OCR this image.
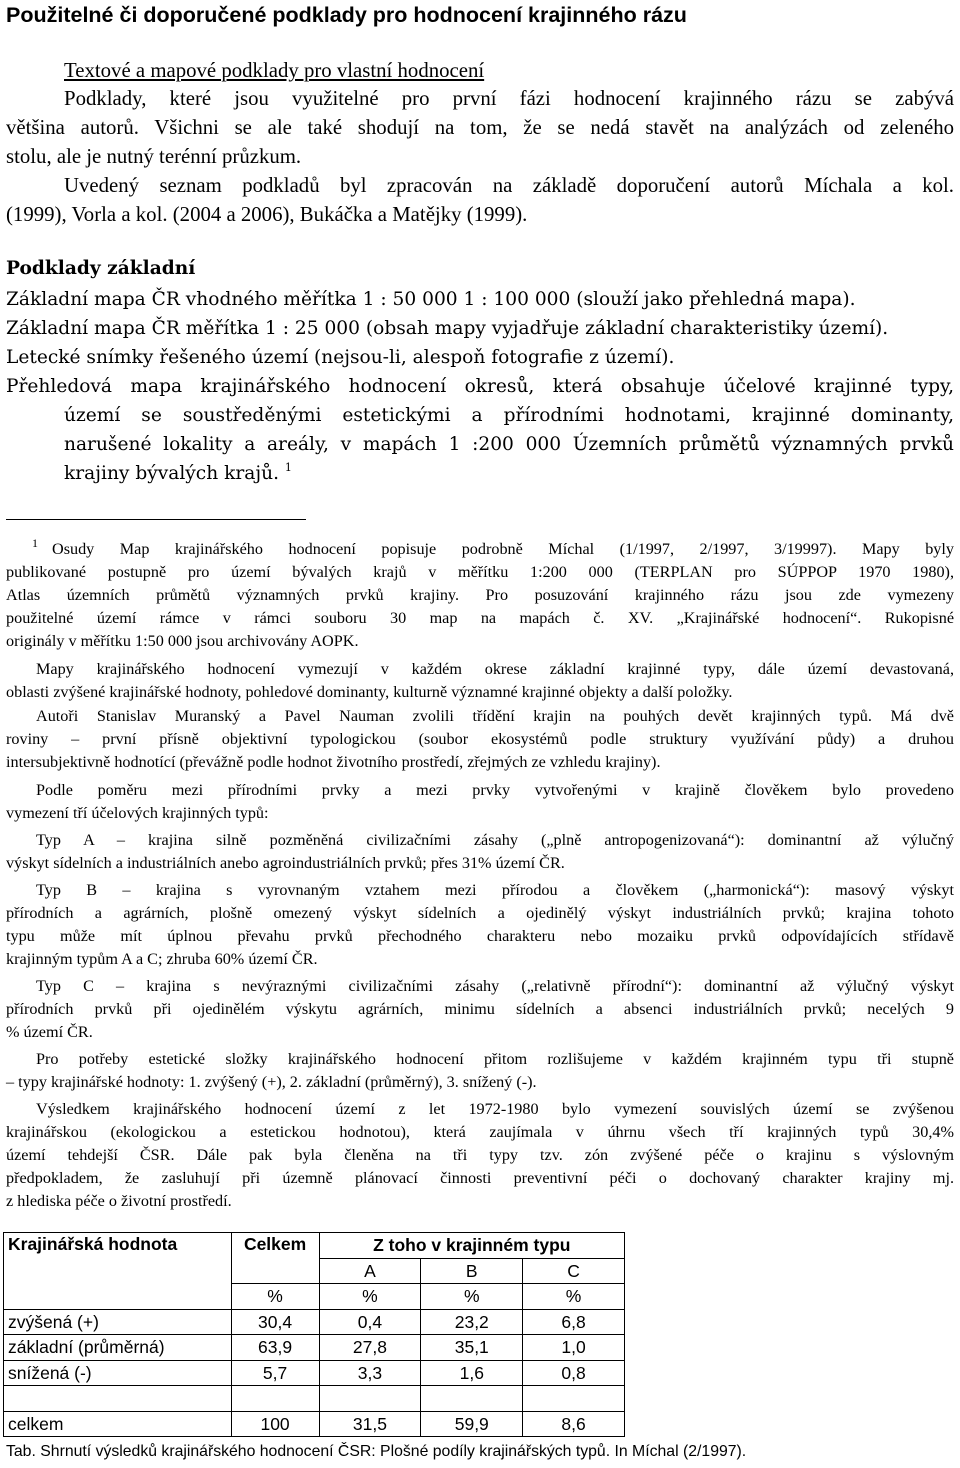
Použitelné či doporučené podklady pro hodnocení krajinného rázu
Textové a mapové podklady pro vlastní hodnocení
Podklady, které jsou využitelné pro první fázi hodnocení krajinného rázu se zabývá
většina autorů. Všichni se ale také shodují na tom, že se nedá stavět na analýzách od zeleného
stolu, ale je nutný terénní průzkum.
Uvedený seznam podkladů byl zpracován na základě doporučení autorů Míchala a kol.
(1999), Vorla a kol. (2004 a 2006), Bukáčka a Matějky (1999).
Podklady základní
Základní mapa ČR vhodného měřítka 1 : 50 000 1 : 100 000 (slouží jako přehledná mapa).
Základní mapa ČR měřítka 1 : 25 000 (obsah mapy vyjadřuje základní charakteristiky území).
Letecké snímky řešeného území (nejsou-li, alespoň fotografie z území).
Přehledová mapa krajinářského hodnocení okresů, která obsahuje účelové krajinné typy,
území se soustředěnými estetickými a přírodními hodnotami, krajinné dominanty,
narušené lokality a areály, v mapách 1 :200 000 Územních průmětů významných prvků
krajiny bývalých krajů. $^1$
1 Osudy Map krajinářského hodnocení popisuje podrobně Míchal (1/1997, 2/1997, 3/19997). Mapy byly
publikované postupně pro území bývalých krajů v měřítku 1:200 000 (TERPLAN pro SÚPPOP 1970 1980),
Atlas územních průmětů významných prvků krajiny. Pro posuzování krajinného rázu jsou zde vymezeny
použitelné území rámce v rámci souboru 30 map na mapách č. XV. „Krajinářské hodnocení“. Rukopisné
originály v měřítku 1:50 000 jsou archivovány AOPK.
Mapy krajinářského hodnocení vymezují v každém okrese základní krajinné typy, dále území devastovaná,
oblasti zvýšené krajinářské hodnoty, pohledové dominanty, kulturně významné krajinné objekty a další položky.
Autoři Stanislav Muranský a Pavel Nauman zvolili třídění krajin na pouhých devět krajinných typů. Má dvě
roviny – první přísně objektivní typologickou (soubor ekosystémů podle struktury využívání půdy) a druhou
intersubjektivně hodnotící (převážně podle hodnot životního prostředí, zřejmých ze vzhledu krajiny).
Podle poměru mezi přírodními prvky a mezi prvky vytvořenými v krajině člověkem bylo provedeno
vymezení tří účelových krajinných typů:
Typ A – krajina silně pozměněná civilizačními zásahy („plně antropogenizovaná“): dominantní až výlučný
výskyt sídelních a industriálních anebo agroindustriálních prvků; přes 31% území ČR.
Typ B – krajina s vyrovnaným vztahem mezi přírodou a člověkem („harmonická“): masový výskyt
přírodních a agrárních, plošně omezený výskyt sídelních a ojedinělý výskyt industriálních prvků; krajina tohoto
typu může mít úplnou převahu prvků přechodného charakteru nebo mozaiku prvků odpovídajících střídavě
krajinným typům A a C; zhruba 60% území ČR.
Typ C – krajina s nevýraznými civilizačními zásahy („relativně přírodní“): dominantní až výlučný výskyt
přírodních prvků při ojedinělém výskytu agrárních, minimu sídelních a absenci industriálních prvků; necelých 9
% území ČR.
Pro potřeby estetické složky krajinářského hodnocení přitom rozlišujeme v každém krajinném typu tři stupně
– typy krajinářské hodnoty: 1. zvýšený (+), 2. základní (průměrný), 3. snížený (-).
Výsledkem krajinářského hodnocení území z let 1972-1980 bylo vymezení souvislých území se zvýšenou
krajinářskou (ekologickou a estetickou hodnotou), která zaujímala v úhrnu všech tří krajinných typů 30,4%
území tehdejší ČSR. Dále pak byla členěna na tři typy tzv. zón zvýšené péče o krajinu s výslovným
předpokladem, že zasluhují při územně plánovací činnosti preventivní péči o dochovaný charakter krajiny mj.
z hlediska péče o životní prostředí.
Krajinářská hodnota	Celkem	Z toho v krajinném typu		
		A	B	C
	%	%	%	%
zvýšená (+)	30,4	0,4	23,2	6,8
základní (průměrná)	63,9	27,8	35,1	1,0
snížená (-)	5,7	3,3	1,6	0,8

celkem	100	31,5	59,9	8,6
Tab. Shrnutí výsledků krajinářského hodnocení ČSR: Plošné podíly krajinářských typů. In Míchal (2/1997).
